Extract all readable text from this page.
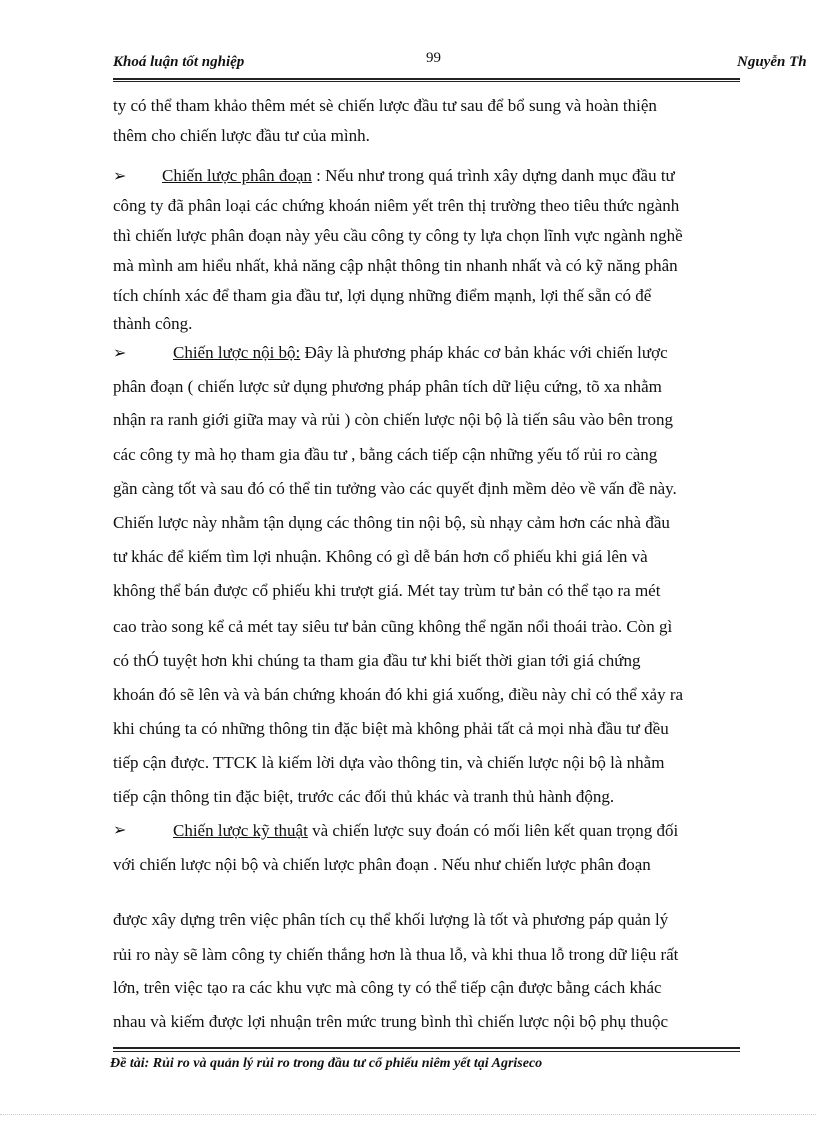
Khoá luận tốt nghiệp	99	Nguyễn Th
ty có thể tham khảo thêm mét sè chiến lược đầu tư sau để bổ sung và hoàn thiện
thêm cho chiến lược đầu tư của mình.
➢ Chiến lược phân đoạn : Nếu như trong quá trình xây dựng danh mục đầu tư
công ty đã phân loại các chứng khoán niêm yết trên thị trường theo tiêu thức ngành
thì chiến lược phân đoạn này yêu cầu công ty công ty lựa chọn lĩnh vực ngành nghề
mà mình am hiểu nhất, khả năng cập nhật thông tin nhanh nhất và có kỹ năng phân
tích chính xác để tham gia đầu tư, lợi dụng những điểm mạnh, lợi thế sẵn có để
thành công.
➢	Chiến lược nội bộ: Đây là phương pháp khác cơ bản khác với chiến lược
phân đoạn ( chiến lược sử dụng phương pháp phân tích dữ liệu cứng, tõ xa nhằm
nhận ra ranh giới giữa may và rủi ) còn chiến lược nội bộ là tiến sâu vào bên trong
các công ty mà họ tham gia đầu tư , bằng cách tiếp cận những yếu tố rủi ro càng
gần càng tốt và sau đó có thể tin tưởng vào các quyết định mềm dẻo về vấn đề này.
Chiến lược này nhằm tận dụng các thông tin nội bộ, sù nhạy cảm hơn các nhà đầu
tư khác để kiếm tìm lợi nhuận. Không có gì dễ bán hơn cổ phiếu khi giá lên và
không thể bán được cổ phiếu khi trượt giá. Mét tay trùm tư bản có thể tạo ra mét
cao trào song kể cả mét tay siêu tư bản cũng không thể ngăn nổi thoái trào. Còn gì
có thÓ tuyệt hơn khi chúng ta tham gia đầu tư khi biết thời gian tới giá chứng
khoán đó sẽ lên và và bán chứng khoán đó khi giá xuống, điều này chỉ có thể xảy ra
khi chúng ta có những thông tin đặc biệt mà không phải tất cả mọi nhà đầu tư đều
tiếp cận được. TTCK là kiếm lời dựa vào thông tin, và chiến lược nội bộ là nhằm
tiếp cận thông tin đặc biệt, trước các đối thủ khác và tranh thủ hành động.
➢	Chiến lược kỹ thuật và chiến lược suy đoán có mối liên kết quan trọng đối
với chiến lược nội bộ và chiến lược phân đoạn . Nếu như chiến lược phân đoạn
được xây dựng trên việc phân tích cụ thể khối lượng là tốt và phương páp quản lý
rủi ro này sẽ làm công ty chiến thắng hơn là thua lỗ, và khi thua lỗ trong dữ liệu rất
lớn, trên việc tạo ra các khu vực mà công ty có thể tiếp cận được bằng cách khác
nhau và kiếm được lợi nhuận trên mức trung bình thì chiến lược nội bộ phụ thuộc
Đề tài: Rủi ro và quản lý rủi ro trong đầu tư cổ phiếu niêm yết tại Agriseco
